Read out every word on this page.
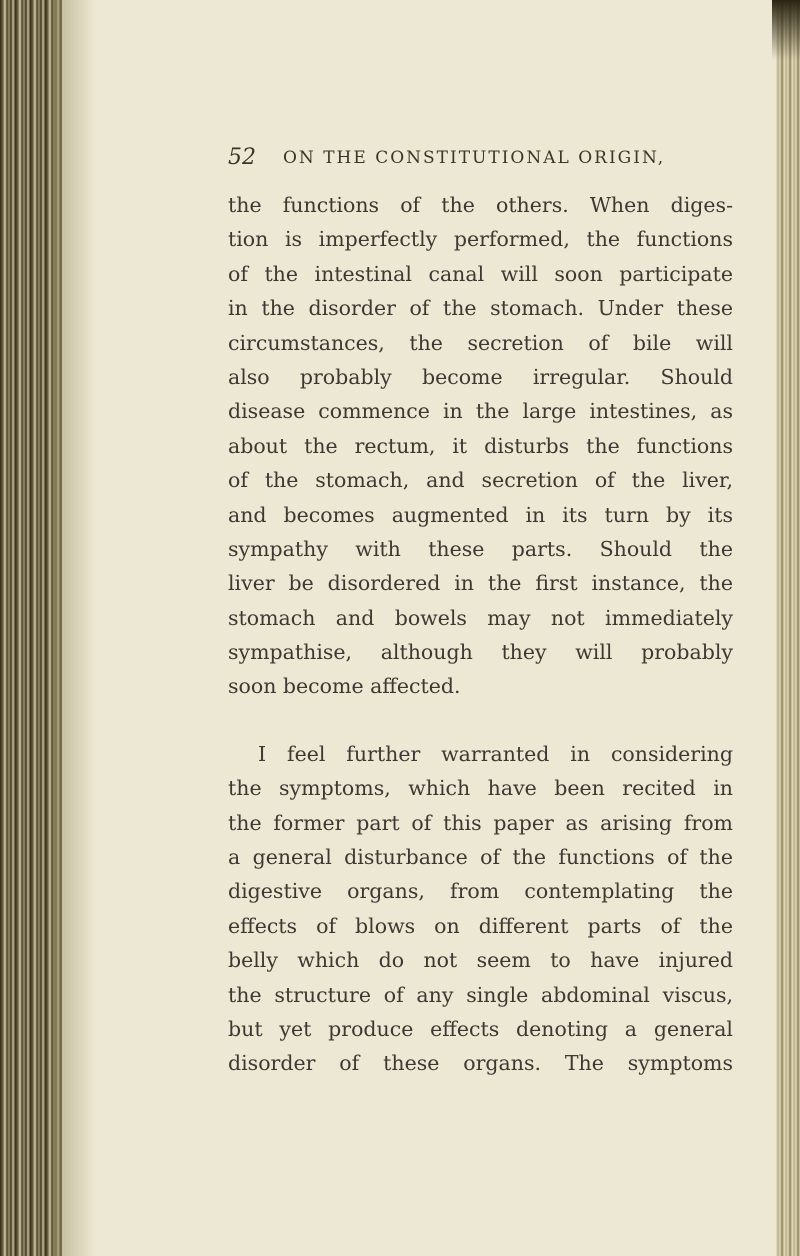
52 ON THE CONSTITUTIONAL ORIGIN,
the functions of the others. When diges-
tion is imperfectly performed, the functions
of the intestinal canal will soon participate
in the disorder of the stomach. Under these
circumstances, the secretion of bile will
also probably become irregular. Should
disease commence in the large intestines, as
about the rectum, it disturbs the functions
of the stomach, and secretion of the liver,
and becomes augmented in its turn by its
sympathy with these parts. Should the
liver be disordered in the first instance, the
stomach and bowels may not immediately
sympathise, although they will probably
soon become affected.
I feel further warranted in considering
the symptoms, which have been recited in
the former part of this paper as arising from
a general disturbance of the functions of the
digestive organs, from contemplating the
effects of blows on different parts of the
belly which do not seem to have injured
the structure of any single abdominal viscus,
but yet produce effects denoting a general
disorder of these organs. The symptoms
